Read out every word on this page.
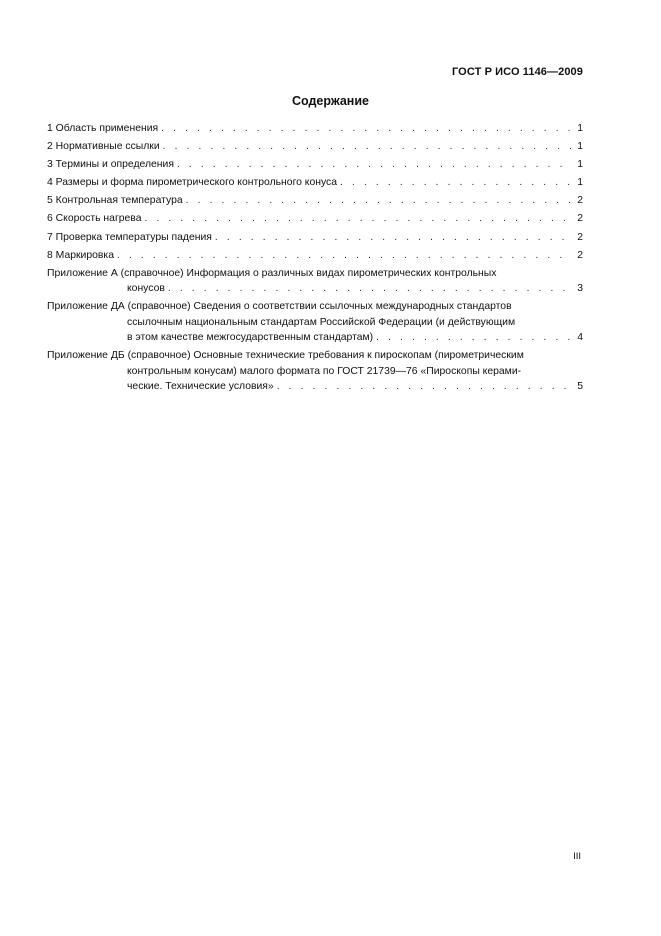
ГОСТ Р ИСО 1146—2009
Содержание
1 Область применения . . .	1
2 Нормативные ссылки . . .	1
3 Термины и определения . . .	1
4 Размеры и форма пирометрического контрольного конуса . . .	1
5 Контрольная температура . . .	2
6 Скорость нагрева . . .	2
7 Проверка температуры падения . . .	2
8 Маркировка . . .	2
Приложение А (справочное) Информация о различных видах пирометрических контрольных
конусов . . .	3
Приложение ДА (справочное) Сведения о соответствии ссылочных международных стандартов
ссылочным национальным стандартам Российской Федерации (и действующим
в этом качестве межгосударственным стандартам) . . .	4
Приложение ДБ (справочное) Основные технические требования к пироскопам (пирометрическим
контрольным конусам) малого формата по ГОСТ 21739—76 «Пироскопы керами-
ческие. Технические условия» . . .	5
III
